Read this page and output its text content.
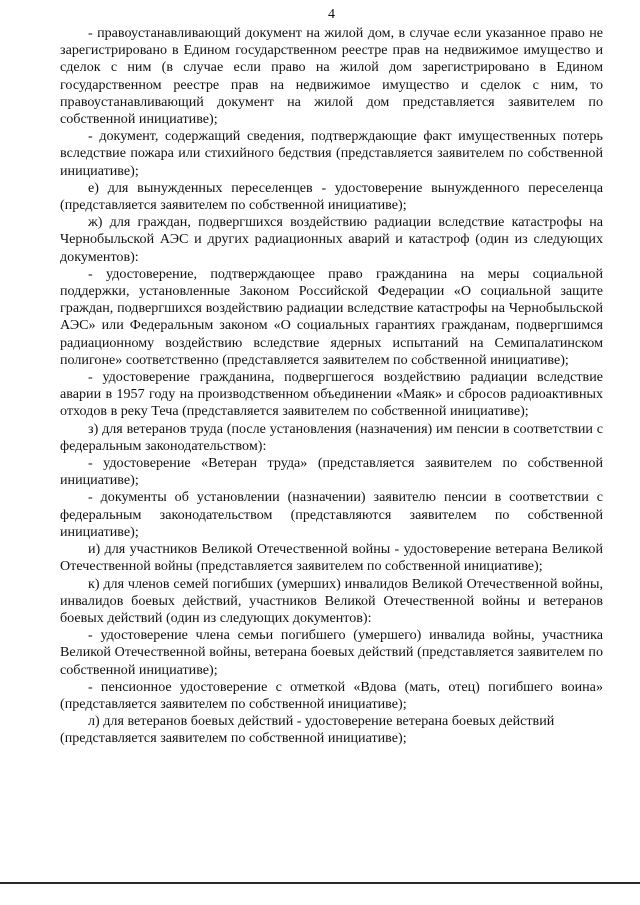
4

- правоустанавливающий документ на жилой дом, в случае если указанное право не зарегистрировано в Едином государственном реестре прав на недвижимое имущество и сделок с ним (в случае если право на жилой дом зарегистрировано в Едином государственном реестре прав на недвижимое имущество и сделок с ним, то правоустанавливающий документ на жилой дом представляется заявителем по собственной инициативе);

- документ, содержащий сведения, подтверждающие факт имущественных потерь вследствие пожара или стихийного бедствия (представляется заявителем по собственной инициативе);

е) для вынужденных переселенцев - удостоверение вынужденного переселенца (представляется заявителем по собственной инициативе);

ж) для граждан, подвергшихся воздействию радиации вследствие катастрофы на Чернобыльской АЭС и других радиационных аварий и катастроф (один из следующих документов):

- удостоверение, подтверждающее право гражданина на меры социальной поддержки, установленные Законом Российской Федерации «О социальной защите граждан, подвергшихся воздействию радиации вследствие катастрофы на Чернобыльской АЭС» или Федеральным законом «О социальных гарантиях гражданам, подвергшимся радиационному воздействию вследствие ядерных испытаний на Семипалатинском полигоне» соответственно (представляется заявителем по собственной инициативе);

- удостоверение гражданина, подвергшегося воздействию радиации вследствие аварии в 1957 году на производственном объединении «Маяк» и сбросов радиоактивных отходов в реку Теча (представляется заявителем по собственной инициативе);

з) для ветеранов труда (после установления (назначения) им пенсии в соответствии с федеральным законодательством):

- удостоверение «Ветеран труда» (представляется заявителем по собственной инициативе);

- документы об установлении (назначении) заявителю пенсии в соответствии с федеральным законодательством (представляются заявителем по собственной инициативе);

и) для участников Великой Отечественной войны - удостоверение ветерана Великой Отечественной войны (представляется заявителем по собственной инициативе);

к) для членов семей погибших (умерших) инвалидов Великой Отечественной войны, инвалидов боевых действий, участников Великой Отечественной войны и ветеранов боевых действий (один из следующих документов):

- удостоверение члена семьи погибшего (умершего) инвалида войны, участника Великой Отечественной войны, ветерана боевых действий (представляется заявителем по собственной инициативе);

- пенсионное удостоверение с отметкой «Вдова (мать, отец) погибшего воина» (представляется заявителем по собственной инициативе);

л) для ветеранов боевых действий - удостоверение ветерана боевых действий (представляется заявителем по собственной инициативе);
